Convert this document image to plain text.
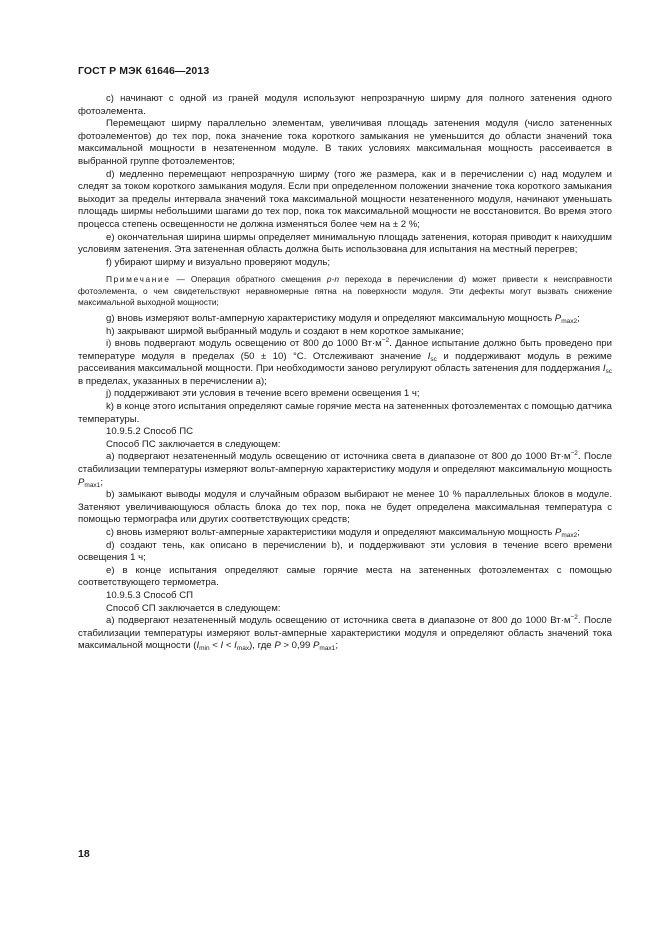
ГОСТ Р МЭК 61646—2013

c) начинают с одной из граней модуля используют непрозрачную ширму для полного затенения одного фотоэлемента.

Перемещают ширму параллельно элементам, увеличивая площадь затенения модуля (число затененных фотоэлементов) до тех пор, пока значение тока короткого замыкания не уменьшится до области значений тока максимальной мощности в незатененном модуле. В таких условиях максимальная мощность рассеивается в выбранной группе фотоэлементов;

d) медленно перемещают непрозрачную ширму (того же размера, как и в перечислении с) над модулем и следят за током короткого замыкания модуля. Если при определенном положении значение тока короткого замыкания выходит за пределы интервала значений тока максимальной мощности незатененного модуля, начинают уменьшать площадь ширмы небольшими шагами до тех пор, пока ток максимальной мощности не восстановится. Во время этого процесса степень освещенности не должна изменяться более чем на ± 2 %;

e) окончательная ширина ширмы определяет минимальную площадь затенения, которая приводит к наихудшим условиям затенения. Эта затененная область должна быть использована для испытания на местный перегрев;

f) убирают ширму и визуально проверяют модуль;

Примечание — Операция обратного смещения p-n перехода в перечислении d) может привести к неисправности фотоэлемента, о чем свидетельствуют неравномерные пятна на поверхности модуля. Эти дефекты могут вызвать снижение максимальной выходной мощности;

g) вновь измеряют вольт-амперную характеристику модуля и определяют максимальную мощность $P_{max2}$;

h) закрывают ширмой выбранный модуль и создают в нем короткое замыкание;

i) вновь подвергают модуль освещению от 800 до 1000 $Вт\cdot м^{-2}$. Данное испытание должно быть проведено при температуре модуля в пределах (50 ± 10) °С. Отслеживают значение $I_{sc}$ и поддерживают модуль в режиме рассеивания максимальной мощности. При необходимости заново регулируют область затенения для поддержания $I_{sc}$ в пределах, указанных в перечислении а);

j) поддерживают эти условия в течение всего времени освещения 1 ч;

k) в конце этого испытания определяют самые горячие места на затененных фотоэлементах с помощью датчика температуры.

10.9.5.2 Способ ПС

Способ ПС заключается в следующем:

а) подвергают незатененный модуль освещению от источника света в диапазоне от 800 до 1000 $Вт\cdot м^{-2}$. После стабилизации температуры измеряют вольт-амперную характеристику модуля и определяют максимальную мощность $P_{max1}$;

b) замыкают выводы модуля и случайным образом выбирают не менее 10 % параллельных блоков в модуле. Затеняют увеличивающуюся область блока до тех пор, пока не будет определена максимальная температура с помощью термографа или других соответствующих средств;

c) вновь измеряют вольт-амперные характеристики модуля и определяют максимальную мощность $P_{max2}$;

d) создают тень, как описано в перечислении b), и поддерживают эти условия в течение всего времени освещения 1 ч;

e) в конце испытания определяют самые горячие места на затененных фотоэлементах с помощью соответствующего термометра.

10.9.5.3 Способ СП

Способ СП заключается в следующем:

а) подвергают незатененный модуль освещению от источника света в диапазоне от 800 до 1000 $Вт\cdot м^{-2}$. После стабилизации температуры измеряют вольт-амперные характеристики модуля и определяют область значений тока максимальной мощности $(I_{min} < I < I_{max})$, где P > 0,99 $P_{max1}$;

18
